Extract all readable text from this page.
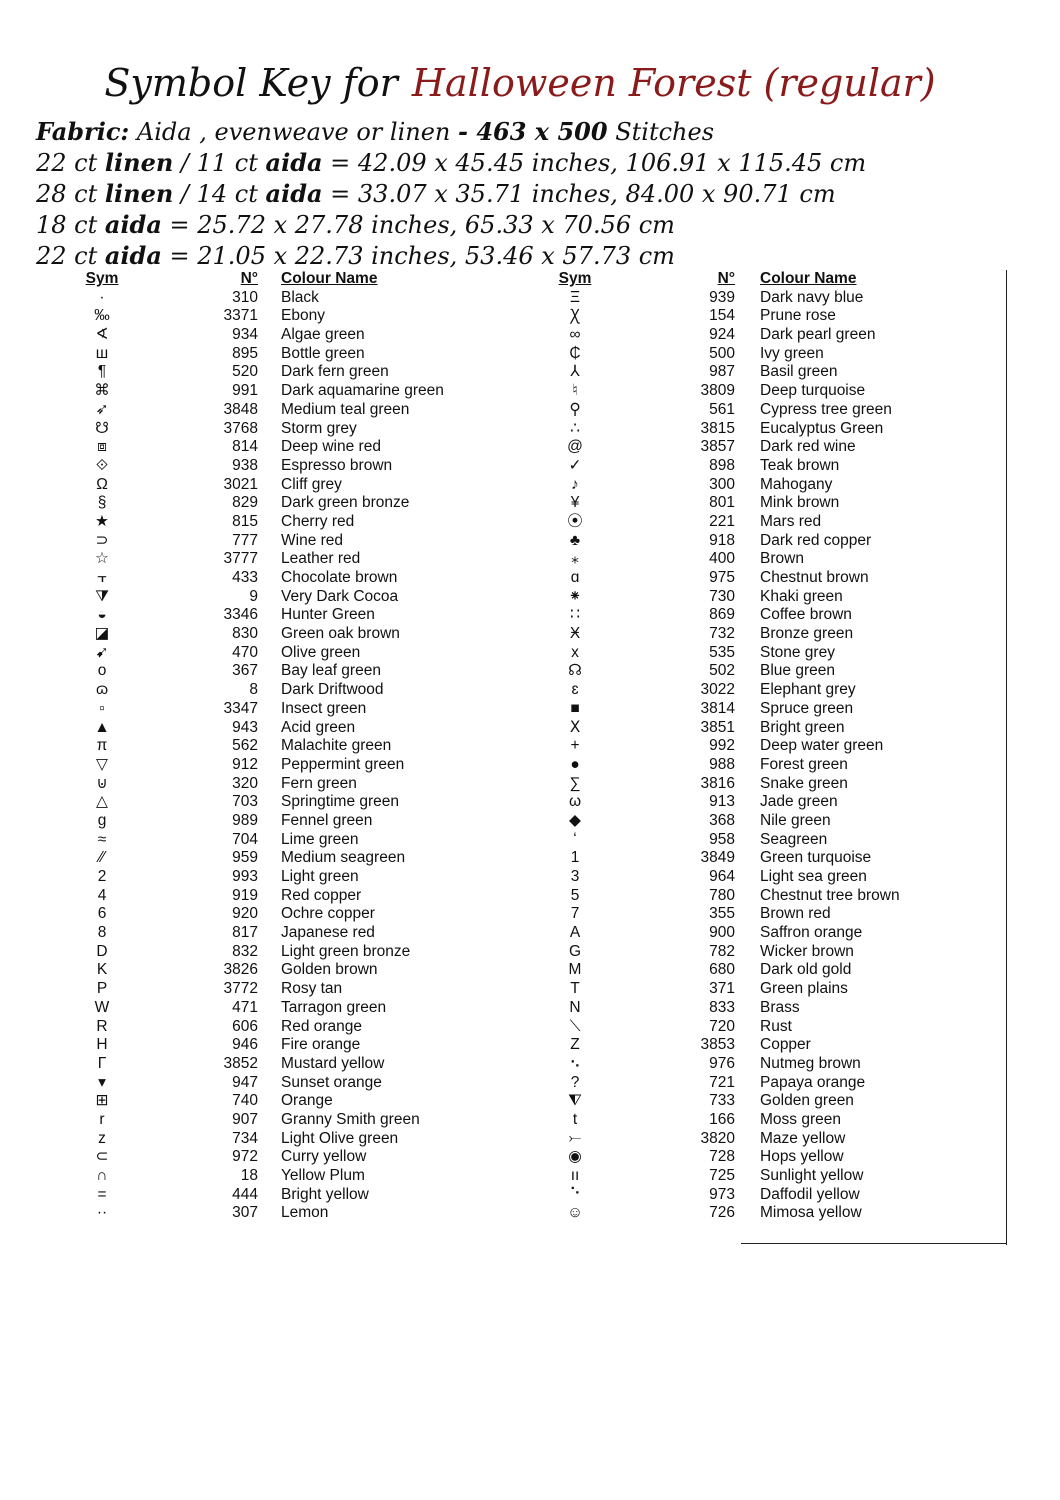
Symbol Key for Halloween Forest (regular)
Fabric: Aida , evenweave or linen - 463 x 500 Stitches
22 ct linen / 11 ct aida = 42.09 x 45.45 inches, 106.91 x 115.45 cm
28 ct linen / 14 ct aida = 33.07 x 35.71 inches, 84.00 x 90.71 cm
18 ct aida = 25.72 x 27.78 inches, 65.33 x 70.56 cm
22 ct aida = 21.05 x 22.73 inches, 53.46 x 57.73 cm
Sym	N° Colour Name
·	310 Black
‰	3371 Ebony
∢	934 Algae green
ш	895 Bottle green
¶	520 Dark fern green
⌘	991 Dark aquamarine green
➶	3848 Medium teal green
☋	3768 Storm grey
⧈	814 Deep wine red
⟐	938 Espresso brown
Ω	3021 Cliff grey
§	829 Dark green bronze
★	815 Cherry red
⊃	777 Wine red
☆	3777 Leather red
⫟	433 Chocolate brown
⧩	9 Very Dark Cocoa
◒	3346 Hunter Green
◪	830 Green oak brown
➹	470 Olive green
o	367 Bay leaf green
ɷ	8 Dark Driftwood
▫	3347 Insect green
▲	943 Acid green
π	562 Malachite green
▽	912 Peppermint green
⊍	320 Fern green
△	703 Springtime green
g	989 Fennel green
≈	704 Lime green
⁄⁄	959 Medium seagreen
2	993 Light green
4	919 Red copper
6	920 Ochre copper
8	817 Japanese red
D	832 Light green bronze
K	3826 Golden brown
P	3772 Rosy tan
W	471 Tarragon green
R	606 Red orange
H	946 Fire orange
Γ	3852 Mustard yellow
▾	947 Sunset orange
⊞	740 Orange
r	907 Granny Smith green
z	734 Light Olive green
⊂	972 Curry yellow
∩	18 Yellow Plum
=	444 Bright yellow
··	307 Lemon
Sym	N° Colour Name
Ξ	939 Dark navy blue
Ꭓ	154 Prune rose
∞	924 Dark pearl green
₵	500 Ivy green
⅄	987 Basil green
♮	3809 Deep turquoise
⚲	561 Cypress tree green
∴	3815 Eucalyptus Green
@	3857 Dark red wine
✓	898 Teak brown
♪	300 Mahogany
¥	801 Mink brown
⦿	221 Mars red
♣	918 Dark red copper
⁎	400 Brown
ɑ	975 Chestnut brown
⁕	730 Khaki green
∷	869 Coffee brown
Ӿ	732 Bronze green
x	535 Stone grey
☊	502 Blue green
ɛ	3022 Elephant grey
■	3814 Spruce green
Ⅹ	3851 Bright green
+	992 Deep water green
●	988 Forest green
∑	3816 Snake green
ω	913 Jade green
◆	368 Nile green
ʻ	958 Seagreen
1	3849 Green turquoise
3	964 Light sea green
5	780 Chestnut tree brown
7	355 Brown red
A	900 Saffron orange
G	782 Wicker brown
M	680 Dark old gold
T	371 Green plains
N	833 Brass
⟍	720 Rust
Z	3853 Copper
⠢	976 Nutmeg brown
?	721 Papaya orange
⧨	733 Golden green
t	166 Moss green
⤚	3820 Maze yellow
◉	728 Hops yellow
ıı	725 Sunlight yellow
⠑	973 Daffodil yellow
☺	726 Mimosa yellow
